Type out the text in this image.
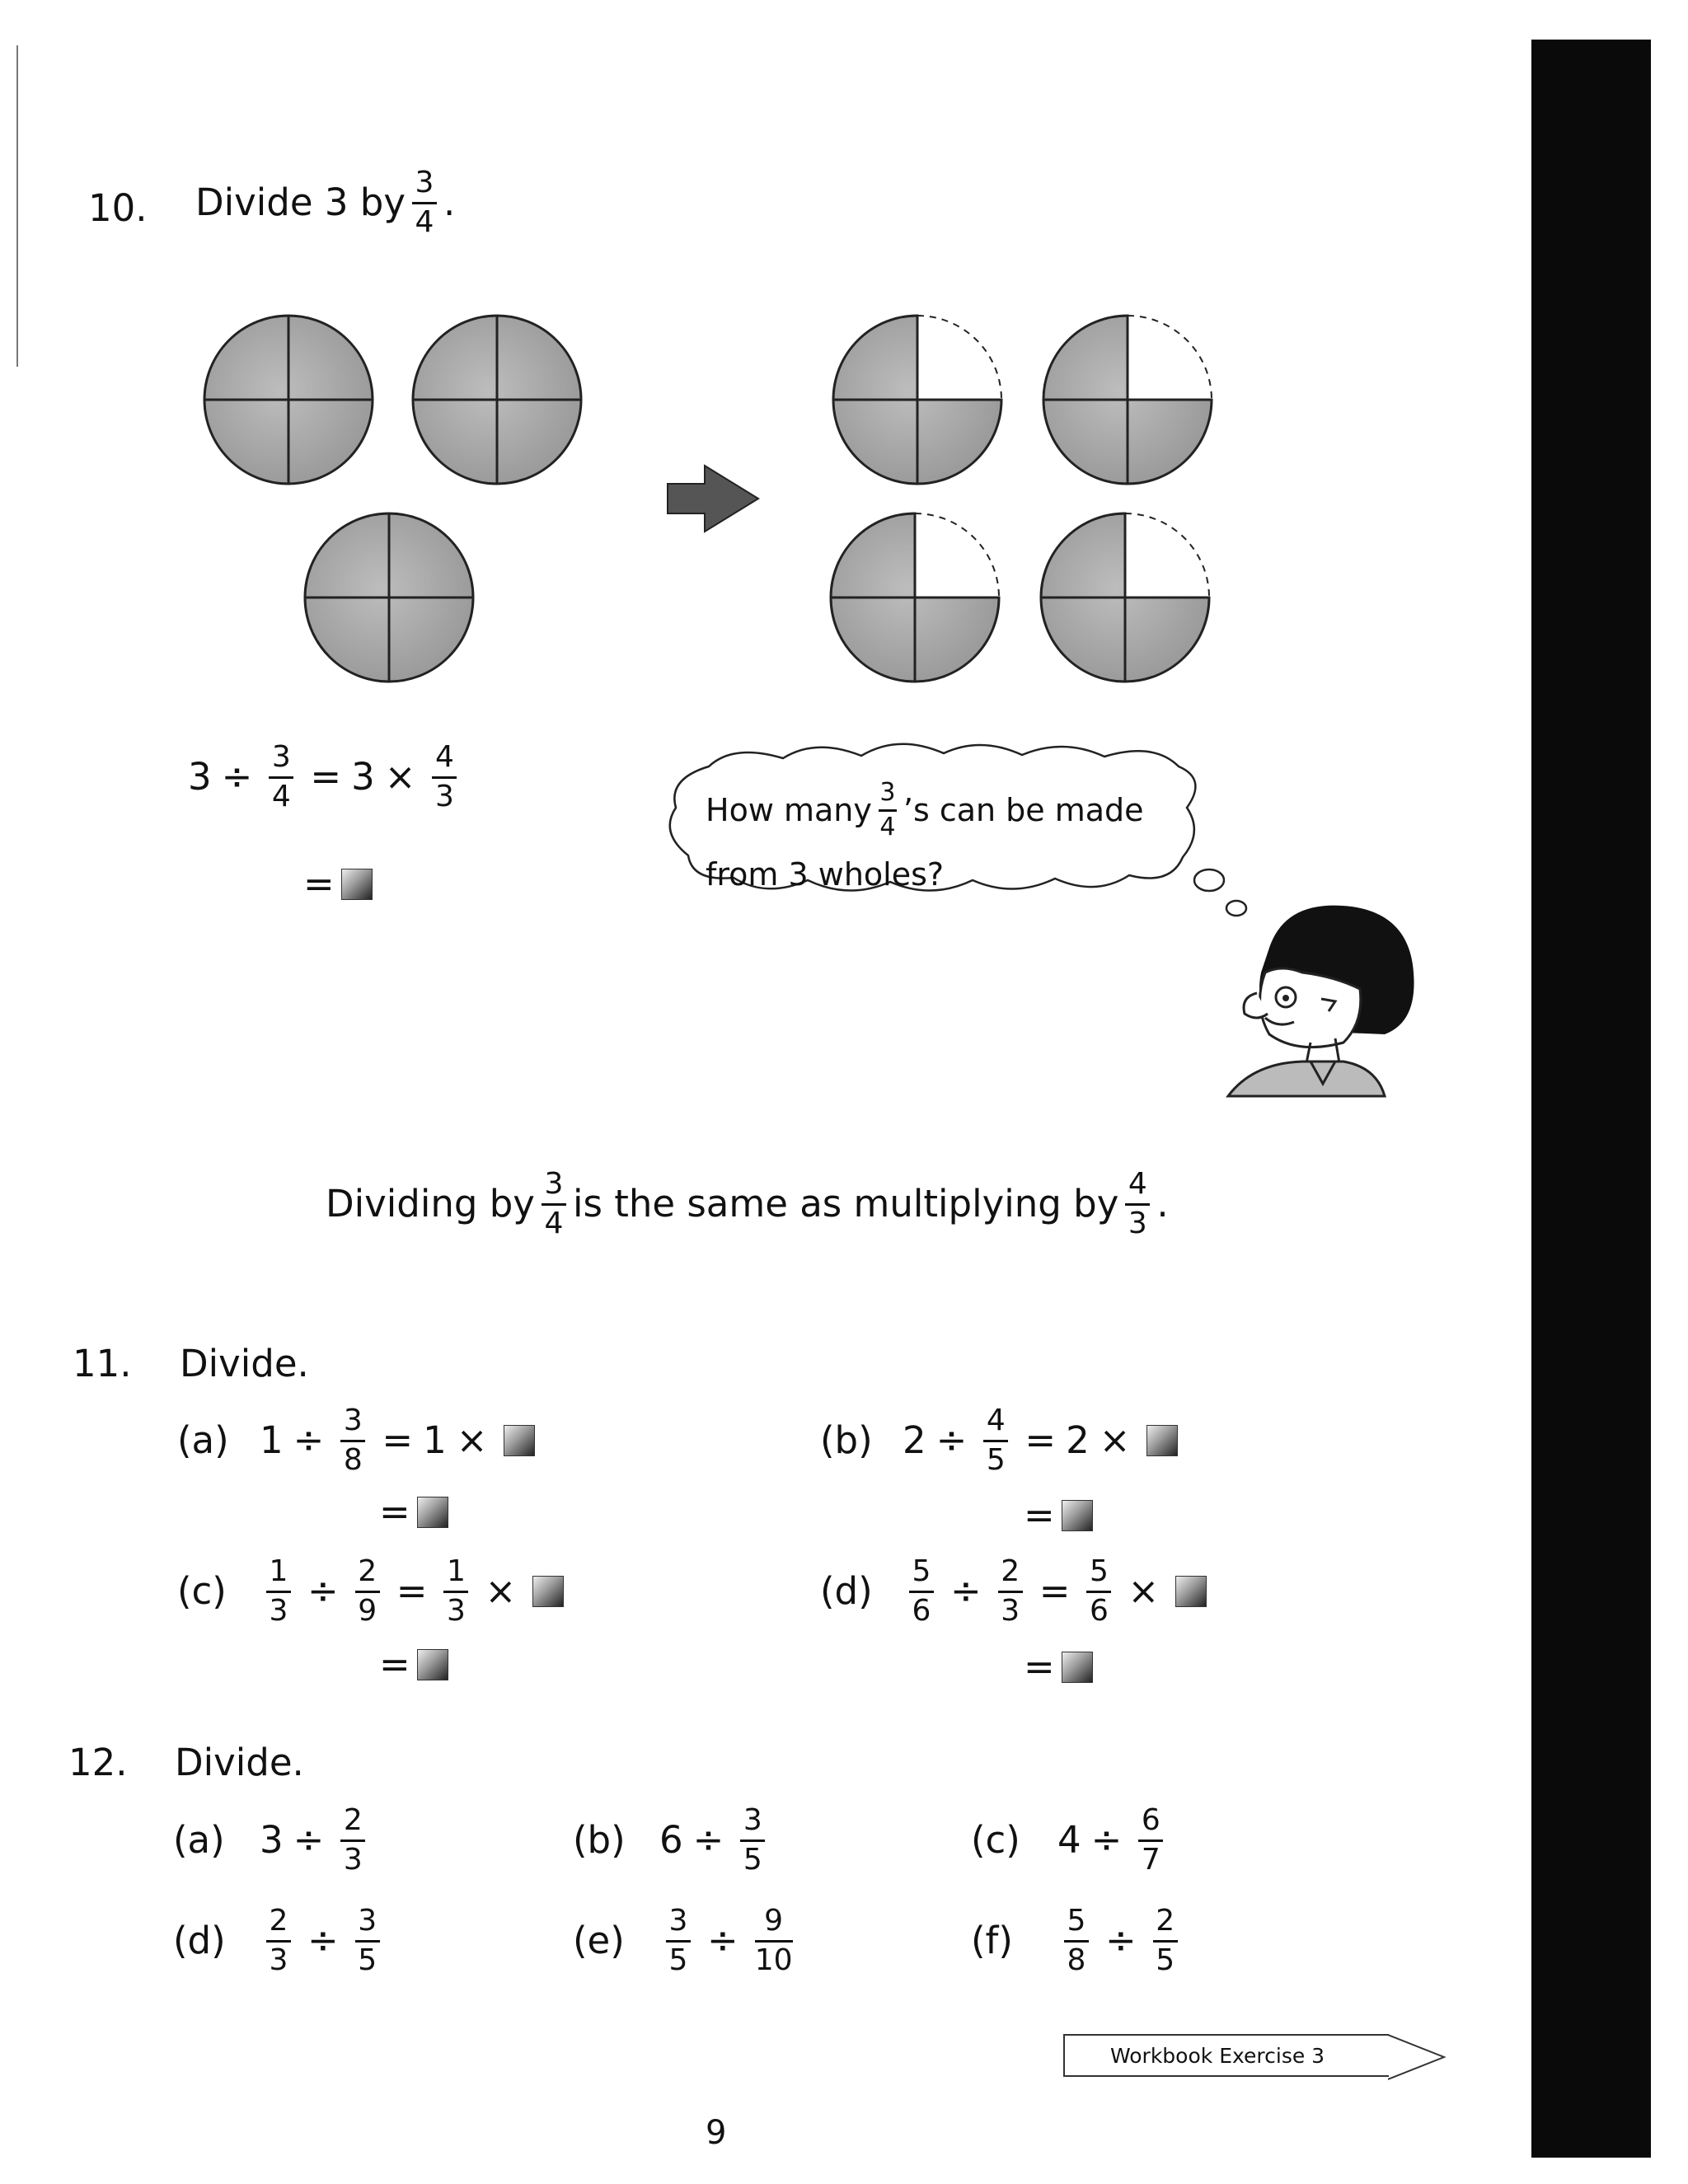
10. Divide 3 by $\frac{3}{4}$ .
$3 \div \frac{3}{4} = 3 \times \frac{4}{3}$
=
How many $\frac{3}{4}$ ’s can be made
from 3 wholes?
Dividing by $\frac{3}{4}$ is the same as multiplying by $\frac{4}{3}$ .
11. Divide.
(a) $1 \div \frac{3}{8} = 1$ ×
=
(b) $2 \div \frac{4}{5} = 2$ ×
=
(c)	$\frac{1}{3} \div \frac{2}{9} = \frac{1}{3}$ ×
=
(d)	$\frac{5}{6} \div \frac{2}{3} = \frac{5}{6}$ ×
=
12. Divide.
(a) $3 \div \frac{2}{3}$	(b) $6 \div \frac{3}{5}$	(c)	$4 \div \frac{6}{7}$
(d)	$\frac{2}{3} \div \frac{3}{5}$	(e)	$\frac{3}{5} \div \frac{9}{10}$	(f)	$\frac{5}{8} \div \frac{2}{5}$
Workbook Exercise 3
9
